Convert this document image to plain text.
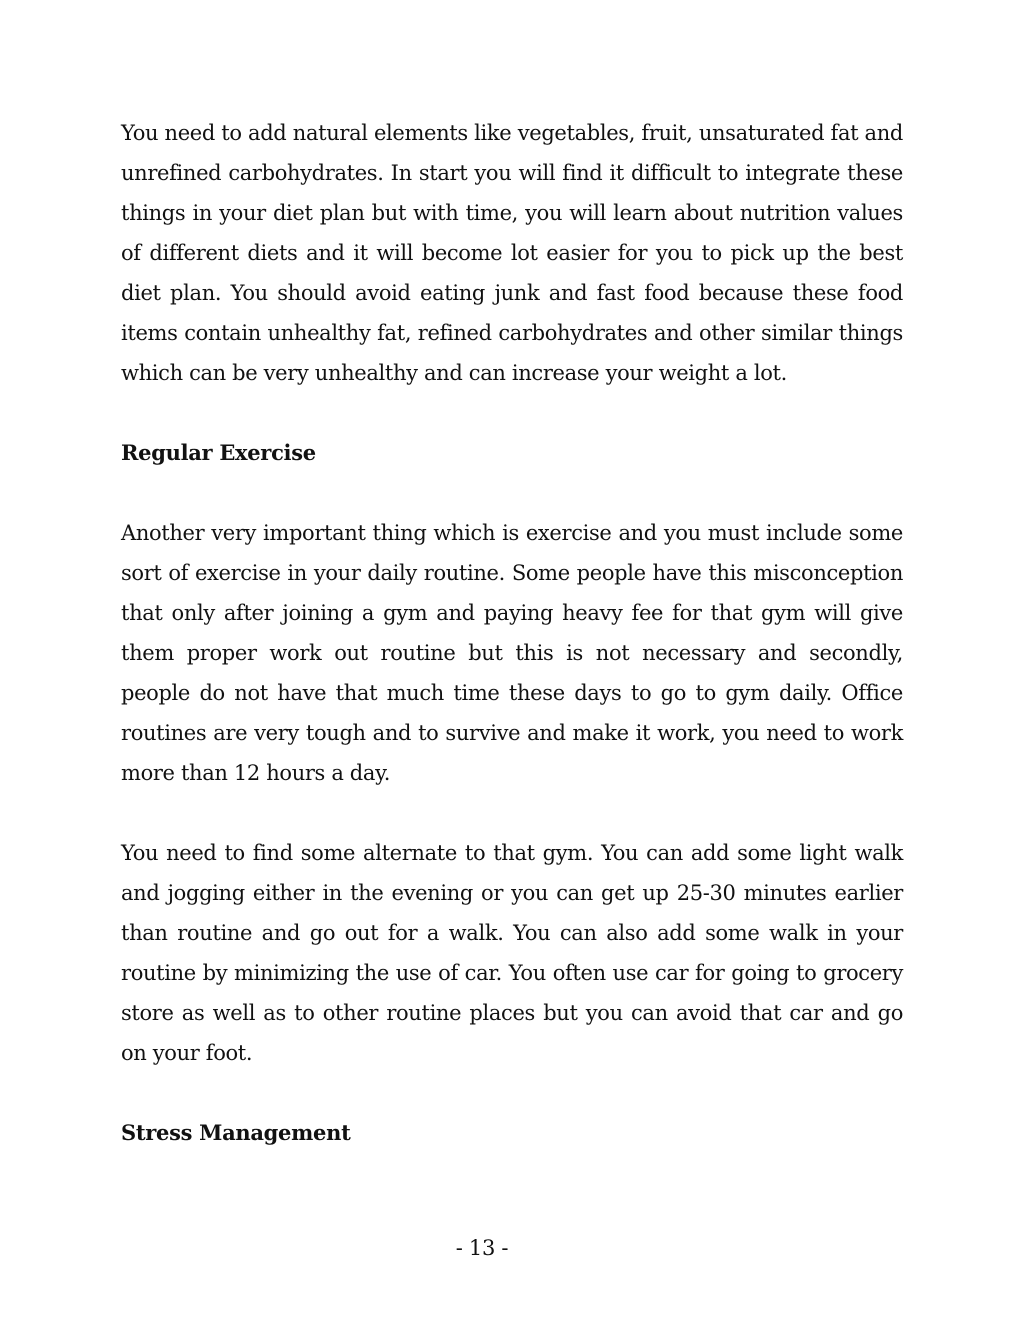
You need to add natural elements like vegetables, fruit, unsaturated fat and unrefined carbohydrates. In start you will find it difficult to integrate these things in your diet plan but with time, you will learn about nutrition values of different diets and it will become lot easier for you to pick up the best diet plan. You should avoid eating junk and fast food because these food items contain unhealthy fat, refined carbohydrates and other similar things which can be very unhealthy and can increase your weight a lot.

Regular Exercise

Another very important thing which is exercise and you must include some sort of exercise in your daily routine. Some people have this misconception that only after joining a gym and paying heavy fee for that gym will give them proper work out routine but this is not necessary and secondly, people do not have that much time these days to go to gym daily. Office routines are very tough and to survive and make it work, you need to work more than 12 hours a day.

You need to find some alternate to that gym. You can add some light walk and jogging either in the evening or you can get up 25-30 minutes earlier than routine and go out for a walk. You can also add some walk in your routine by minimizing the use of car. You often use car for going to grocery store as well as to other routine places but you can avoid that car and go on your foot.

Stress Management
- 13 -
